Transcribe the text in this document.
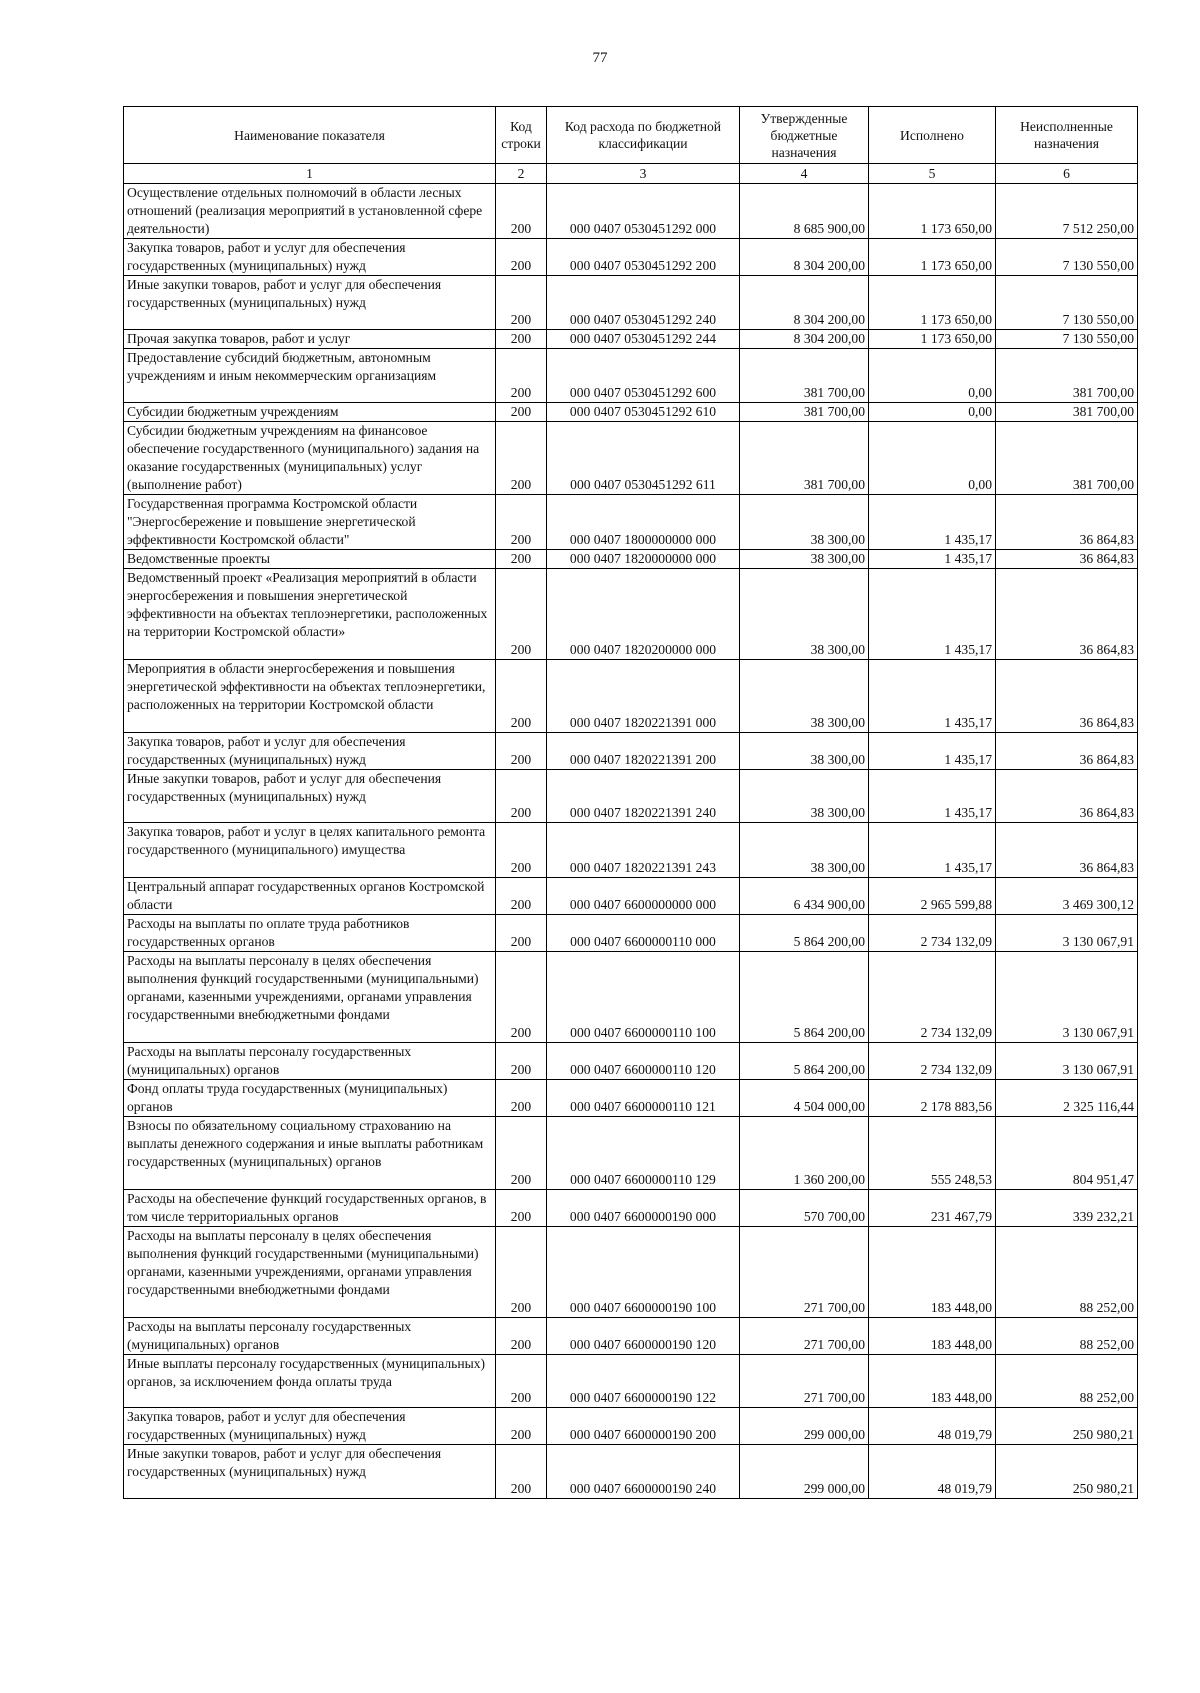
77
Наименование показателя	Код строки	Код расхода по бюджетной классификации	Утвержденные бюджетные назначения	Исполнено	Неисполненные назначения
1	2	3	4	5	6
Осуществление отдельных полномочий в области лесных отношений (реализация мероприятий в установленной сфере деятельности)	200	000 0407 0530451292 000	8 685 900,00	1 173 650,00	7 512 250,00
Закупка товаров, работ и услуг для обеспечения государственных (муниципальных) нужд	200	000 0407 0530451292 200	8 304 200,00	1 173 650,00	7 130 550,00
Иные закупки товаров, работ и услуг для обеспечения государственных (муниципальных) нужд	200	000 0407 0530451292 240	8 304 200,00	1 173 650,00	7 130 550,00
Прочая закупка товаров, работ и услуг	200	000 0407 0530451292 244	8 304 200,00	1 173 650,00	7 130 550,00
Предоставление субсидий бюджетным, автономным учреждениям и иным некоммерческим организациям	200	000 0407 0530451292 600	381 700,00	0,00	381 700,00
Субсидии бюджетным учреждениям	200	000 0407 0530451292 610	381 700,00	0,00	381 700,00
Субсидии бюджетным учреждениям на финансовое обеспечение государственного (муниципального) задания на оказание государственных (муниципальных) услуг (выполнение работ)	200	000 0407 0530451292 611	381 700,00	0,00	381 700,00
Государственная программа Костромской области "Энергосбережение и повышение энергетической эффективности Костромской области"	200	000 0407 1800000000 000	38 300,00	1 435,17	36 864,83
Ведомственные проекты	200	000 0407 1820000000 000	38 300,00	1 435,17	36 864,83
Ведомственный проект «Реализация мероприятий в области энергосбережения и повышения энергетической эффективности на объектах теплоэнергетики, расположенных на территории Костромской области»	200	000 0407 1820200000 000	38 300,00	1 435,17	36 864,83
Мероприятия в области энергосбережения и повышения энергетической эффективности на объектах теплоэнергетики, расположенных на территории Костромской области	200	000 0407 1820221391 000	38 300,00	1 435,17	36 864,83
Закупка товаров, работ и услуг для обеспечения государственных (муниципальных) нужд	200	000 0407 1820221391 200	38 300,00	1 435,17	36 864,83
Иные закупки товаров, работ и услуг для обеспечения государственных (муниципальных) нужд	200	000 0407 1820221391 240	38 300,00	1 435,17	36 864,83
Закупка товаров, работ и услуг в целях капитального ремонта государственного (муниципального) имущества	200	000 0407 1820221391 243	38 300,00	1 435,17	36 864,83
Центральный аппарат государственных органов Костромской области	200	000 0407 6600000000 000	6 434 900,00	2 965 599,88	3 469 300,12
Расходы на выплаты по оплате труда работников государственных органов	200	000 0407 6600000110 000	5 864 200,00	2 734 132,09	3 130 067,91
Расходы на выплаты персоналу в целях обеспечения выполнения функций государственными (муниципальными) органами, казенными учреждениями, органами управления государственными внебюджетными фондами	200	000 0407 6600000110 100	5 864 200,00	2 734 132,09	3 130 067,91
Расходы на выплаты персоналу государственных (муниципальных) органов	200	000 0407 6600000110 120	5 864 200,00	2 734 132,09	3 130 067,91
Фонд оплаты труда государственных (муниципальных) органов	200	000 0407 6600000110 121	4 504 000,00	2 178 883,56	2 325 116,44
Взносы по обязательному социальному страхованию на выплаты денежного содержания и иные выплаты работникам государственных (муниципальных) органов	200	000 0407 6600000110 129	1 360 200,00	555 248,53	804 951,47
Расходы на обеспечение функций государственных органов, в том числе территориальных органов	200	000 0407 6600000190 000	570 700,00	231 467,79	339 232,21
Расходы на выплаты персоналу в целях обеспечения выполнения функций государственными (муниципальными) органами, казенными учреждениями, органами управления государственными внебюджетными фондами	200	000 0407 6600000190 100	271 700,00	183 448,00	88 252,00
Расходы на выплаты персоналу государственных (муниципальных) органов	200	000 0407 6600000190 120	271 700,00	183 448,00	88 252,00
Иные выплаты персоналу государственных (муниципальных) органов, за исключением фонда оплаты труда	200	000 0407 6600000190 122	271 700,00	183 448,00	88 252,00
Закупка товаров, работ и услуг для обеспечения государственных (муниципальных) нужд	200	000 0407 6600000190 200	299 000,00	48 019,79	250 980,21
Иные закупки товаров, работ и услуг для обеспечения государственных (муниципальных) нужд	200	000 0407 6600000190 240	299 000,00	48 019,79	250 980,21
